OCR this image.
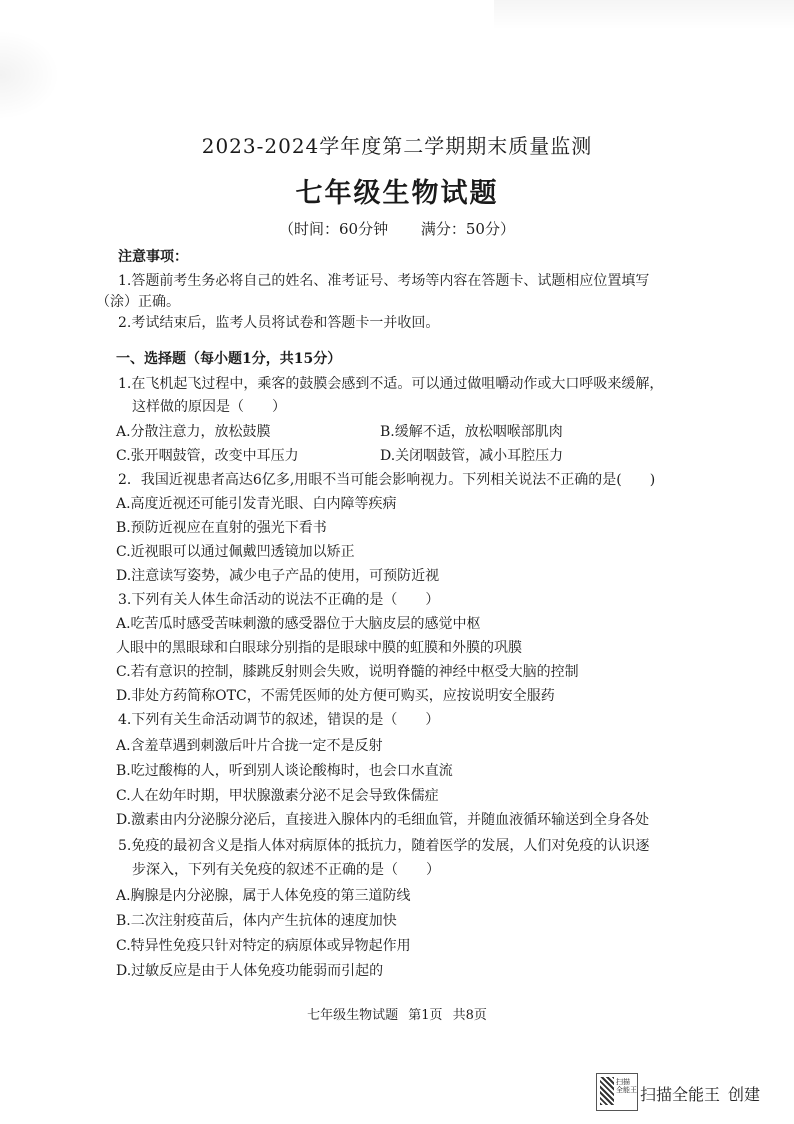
2023-2024学年度第二学期期末质量监测
七年级生物试题
（时间：60分钟 满分：50分）
注意事项：
1.答题前考生务必将自己的姓名、准考证号、考场等内容在答题卡、试题相应位置填写
（涂）正确。
2.考试结束后，监考人员将试卷和答题卡一并收回。
一、选择题（每小题1分，共15分）
1.在飞机起飞过程中，乘客的鼓膜会感到不适。可以通过做咀嚼动作或大口呼吸来缓解，
这样做的原因是（　　）
A.分散注意力，放松鼓膜	B.缓解不适，放松咽喉部肌肉
C.张开咽鼓管，改变中耳压力	D.关闭咽鼓管，减小耳腔压力
2．我国近视患者高达6亿多,用眼不当可能会影响视力。下列相关说法不正确的是(　　)
A.高度近视还可能引发青光眼、白内障等疾病
B.预防近视应在直射的强光下看书
C.近视眼可以通过佩戴凹透镜加以矫正
D.注意读写姿势，减少电子产品的使用，可预防近视
3.下列有关人体生命活动的说法不正确的是（　　）
A.吃苦瓜时感受苦味刺激的感受器位于大脑皮层的感觉中枢
人眼中的黑眼球和白眼球分别指的是眼球中膜的虹膜和外膜的巩膜
C.若有意识的控制，膝跳反射则会失败，说明脊髓的神经中枢受大脑的控制
D.非处方药简称OTC，不需凭医师的处方便可购买，应按说明安全服药
4.下列有关生命活动调节的叙述，错误的是（　　）
A.含羞草遇到刺激后叶片合拢一定不是反射
B.吃过酸梅的人，听到别人谈论酸梅时，也会口水直流
C.人在幼年时期，甲状腺激素分泌不足会导致侏儒症
D.激素由内分泌腺分泌后，直接进入腺体内的毛细血管，并随血液循环输送到全身各处
5.免疫的最初含义是指人体对病原体的抵抗力，随着医学的发展，人们对免疫的认识逐
步深入，下列有关免疫的叙述不正确的是（　　）
A.胸腺是内分泌腺，属于人体免疫的第三道防线
B.二次注射疫苗后，体内产生抗体的速度加快
C.特异性免疫只针对特定的病原体或异物起作用
D.过敏反应是由于人体免疫功能弱而引起的
七年级生物试题 第1页 共8页
扫描
全能王 扫描全能王 创建
